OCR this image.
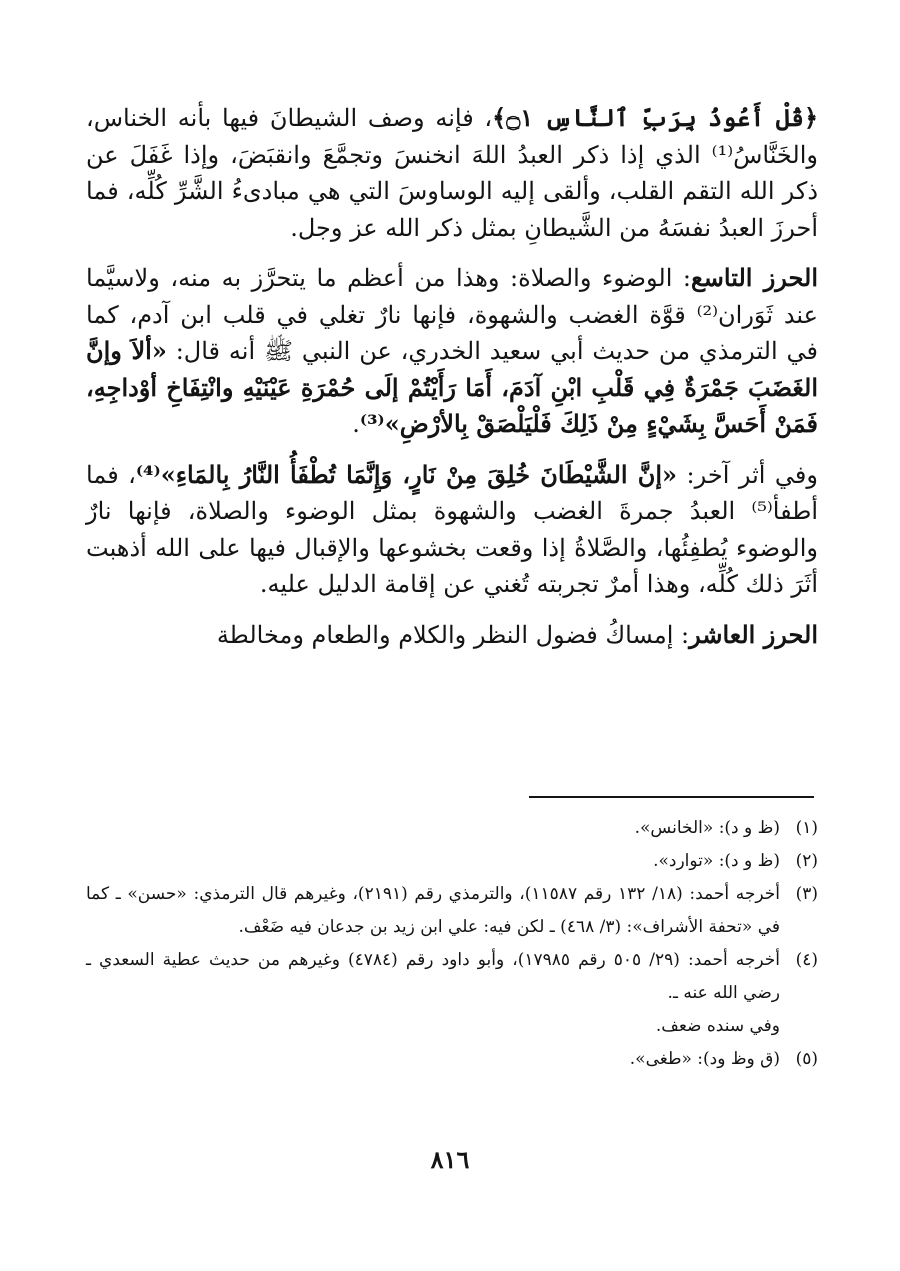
﴿قُلْ أَعُوذُ بِرَبِّ ٱلنَّاسِ ۝١﴾، فإنه وصف الشيطانَ فيها بأنه الخناس، والخَنَّاسُ⁽¹⁾ الذي إذا ذكر العبدُ اللهَ انخنسَ وتجمَّعَ وانقبَضَ، وإذا غَفَلَ عن ذكر الله التقم القلب، وألقى إليه الوساوسَ التي هي مبادىءُ الشَّرِّ كُلِّه، فما أحرزَ العبدُ نفسَهُ من الشَّيطانِ بمثل ذكر الله عز وجل.

الحرز التاسع: الوضوء والصلاة: وهذا من أعظم ما يتحرَّز به منه، ولاسيَّما عند ثَوَران⁽²⁾ قوَّة الغضب والشهوة، فإنها نارٌ تغلي في قلب ابن آدم، كما في الترمذي من حديث أبي سعيد الخدري، عن النبي ﷺ أنه قال: «ألاَ وإنَّ الغَضَبَ جَمْرَةٌ فِي قَلْبِ ابْنِ آدَمَ، أَمَا رَأَيْتُمْ إلَى حُمْرَةِ عَيْنَيْهِ وانْتِفَاخِ أوْداجِهِ، فَمَنْ أَحَسَّ بِشَيْءٍ مِنْ ذَلِكَ فَلْيَلْصَقْ بِالأرْضِ»⁽³⁾.

وفي أثر آخر: «إنَّ الشَّيْطَانَ خُلِقَ مِنْ نَارٍ، وَإِنَّمَا تُطْفَأُ النَّارُ بِالمَاءِ»⁽⁴⁾، فما أطفأ⁽⁵⁾ العبدُ جمرةَ الغضب والشهوة بمثل الوضوء والصلاة، فإنها نارٌ والوضوء يُطفِئُها، والصَّلاةُ إذا وقعت بخشوعها والإقبال فيها على الله أذهبت أثَرَ ذلك كُلِّه، وهذا أمرٌ تجربته تُغني عن إقامة الدليل عليه.

الحرز العاشر: إمساكُ فضول النظر والكلام والطعام ومخالطة

(١)
(ظ و د): «الخانس».
(٢)
(ظ و د): «توارد».
(٣)
أخرجه أحمد: (١٨/ ١٣٢ رقم ١١٥٨٧)، والترمذي رقم (٢١٩١)، وغيرهم قال الترمذي: «حسن» ـ كما في «تحفة الأشراف»: (٣/ ٤٦٨) ـ لكن فيه: علي ابن زيد بن جدعان فيه ضَعْف.
(٤)
أخرجه أحمد: (٢٩/ ٥٠٥ رقم ١٧٩٨٥)، وأبو داود رقم (٤٧٨٤) وغيرهم من حديث عطية السعدي ـ رضي الله عنه ـ.
وفي سنده ضعف.
(٥)
(ق وظ ود): «طغى».
٨١٦
